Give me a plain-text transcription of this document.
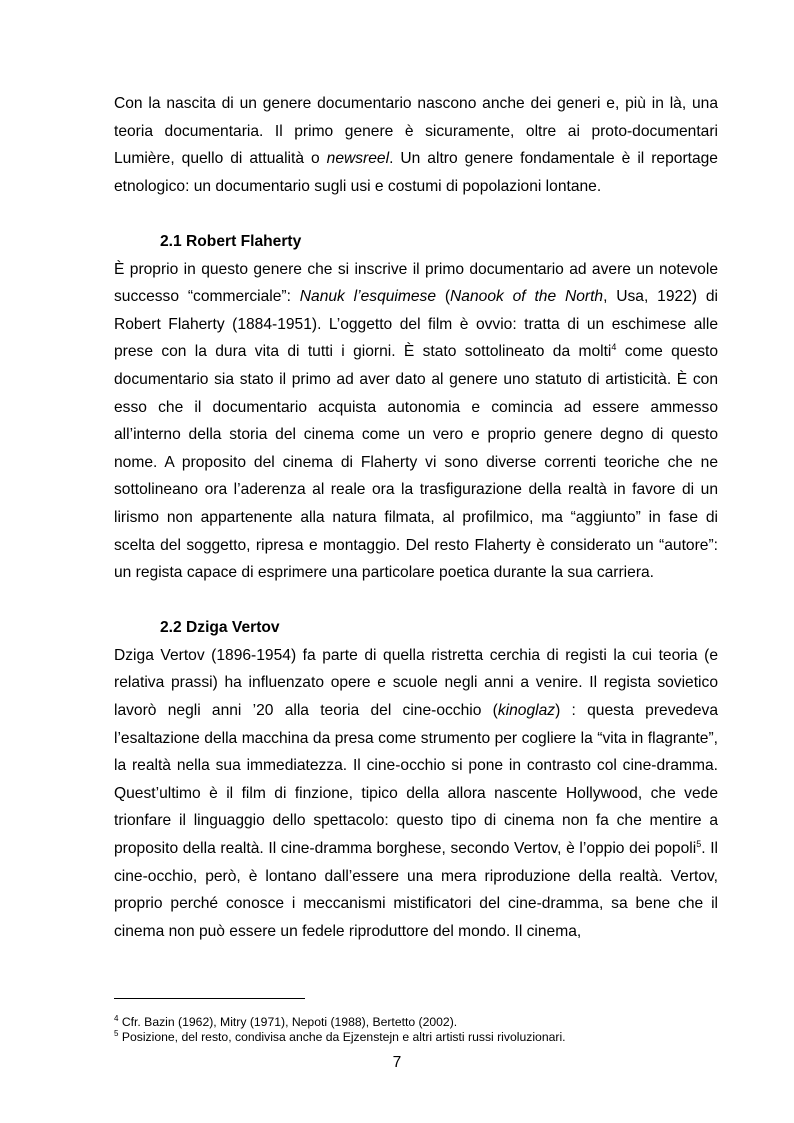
Con la nascita di un genere documentario nascono anche dei generi e, più in là, una teoria documentaria. Il primo genere è sicuramente, oltre ai proto-documentari Lumière, quello di attualità o newsreel. Un altro genere fondamentale è il reportage etnologico: un documentario sugli usi e costumi di popolazioni lontane.

2.1 Robert Flaherty

È proprio in questo genere che si inscrive il primo documentario ad avere un notevole successo “commerciale”: Nanuk l’esquimese (Nanook of the North, Usa, 1922) di Robert Flaherty (1884-1951). L’oggetto del film è ovvio: tratta di un eschimese alle prese con la dura vita di tutti i giorni. È stato sottolineato da molti$^4$ come questo documentario sia stato il primo ad aver dato al genere uno statuto di artisticità. È con esso che il documentario acquista autonomia e comincia ad essere ammesso all’interno della storia del cinema come un vero e proprio genere degno di questo nome. A proposito del cinema di Flaherty vi sono diverse correnti teoriche che ne sottolineano ora l’aderenza al reale ora la trasfigurazione della realtà in favore di un lirismo non appartenente alla natura filmata, al profilmico, ma “aggiunto” in fase di scelta del soggetto, ripresa e montaggio. Del resto Flaherty è considerato un “autore”: un regista capace di esprimere una particolare poetica durante la sua carriera.

2.2 Dziga Vertov

Dziga Vertov (1896-1954) fa parte di quella ristretta cerchia di registi la cui teoria (e relativa prassi) ha influenzato opere e scuole negli anni a venire. Il regista sovietico lavorò negli anni ’20 alla teoria del cine-occhio (kinoglaz) : questa prevedeva l’esaltazione della macchina da presa come strumento per cogliere la “vita in flagrante”, la realtà nella sua immediatezza. Il cine-occhio si pone in contrasto col cine-dramma. Quest’ultimo è il film di finzione, tipico della allora nascente Hollywood, che vede trionfare il linguaggio dello spettacolo: questo tipo di cinema non fa che mentire a proposito della realtà. Il cine-dramma borghese, secondo Vertov, è l’oppio dei popoli$^5$. Il cine-occhio, però, è lontano dall’essere una mera riproduzione della realtà. Vertov, proprio perché conosce i meccanismi mistificatori del cine-dramma, sa bene che il cinema non può essere un fedele riproduttore del mondo. Il cinema,

$^4$ Cfr. Bazin (1962), Mitry (1971), Nepoti (1988), Bertetto (2002).
$^5$ Posizione, del resto, condivisa anche da Ejzenstejn e altri artisti russi rivoluzionari.
7
